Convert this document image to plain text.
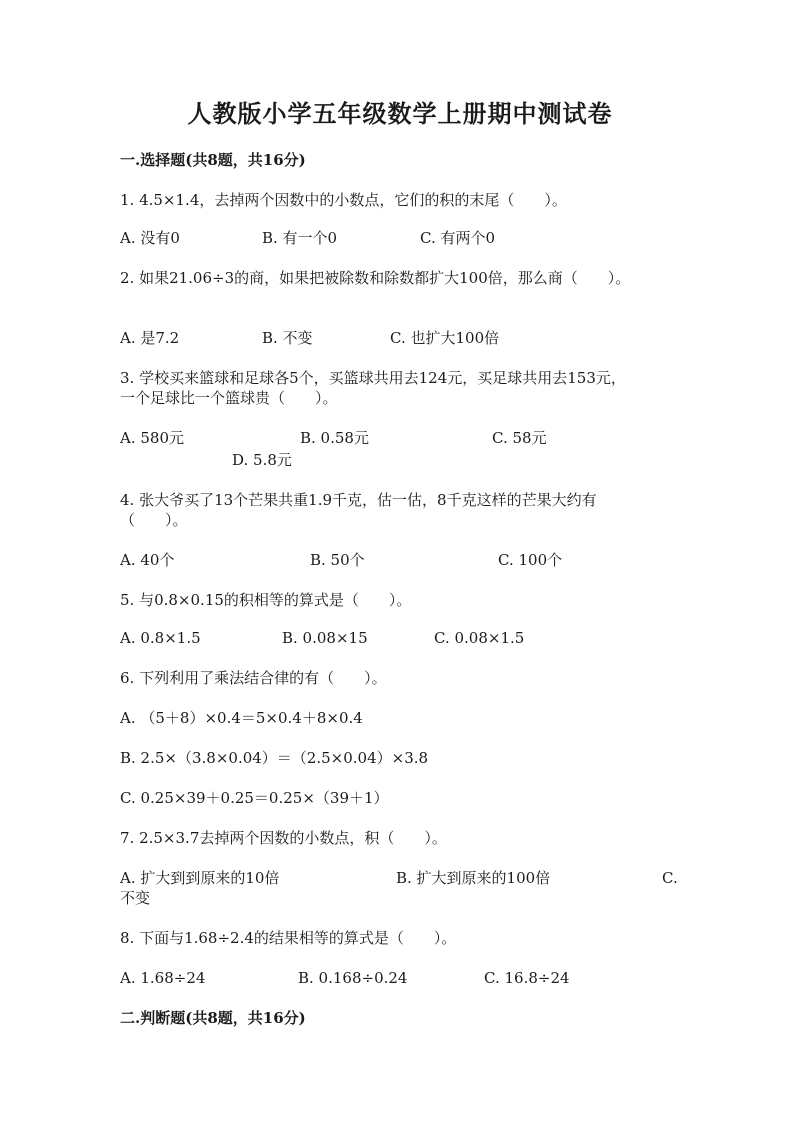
人教版小学五年级数学上册期中测试卷
一.选择题(共8题，共16分)
1. 4.5×1.4，去掉两个因数中的小数点，它们的积的末尾（　　）。
A. 没有0	B. 有一个0	C. 有两个0
2. 如果21.06÷3的商，如果把被除数和除数都扩大100倍，那么商（　　）。
A. 是7.2	B. 不变	C. 也扩大100倍
3. 学校买来篮球和足球各5个，买篮球共用去124元，买足球共用去153元，
一个足球比一个篮球贵（　　）。
A. 580元	B. 0.58元	C. 58元
D. 5.8元
4. 张大爷买了13个芒果共重1.9千克，估一估，8千克这样的芒果大约有
（　　）。
A. 40个	B. 50个	C. 100个
5. 与0.8×0.15的积相等的算式是（　　）。
A. 0.8×1.5	B. 0.08×15	C. 0.08×1.5
6. 下列利用了乘法结合律的有（　　）。
A. （5＋8）×0.4＝5×0.4＋8×0.4
B. 2.5×（3.8×0.04）＝（2.5×0.04）×3.8
C. 0.25×39＋0.25＝0.25×（39＋1）
7. 2.5×3.7去掉两个因数的小数点，积（　　）。
A. 扩大到到原来的10倍	B. 扩大到原来的100倍	C.
不变
8. 下面与1.68÷2.4的结果相等的算式是（　　）。
A. 1.68÷24	B. 0.168÷0.24	C. 16.8÷24
二.判断题(共8题，共16分)
